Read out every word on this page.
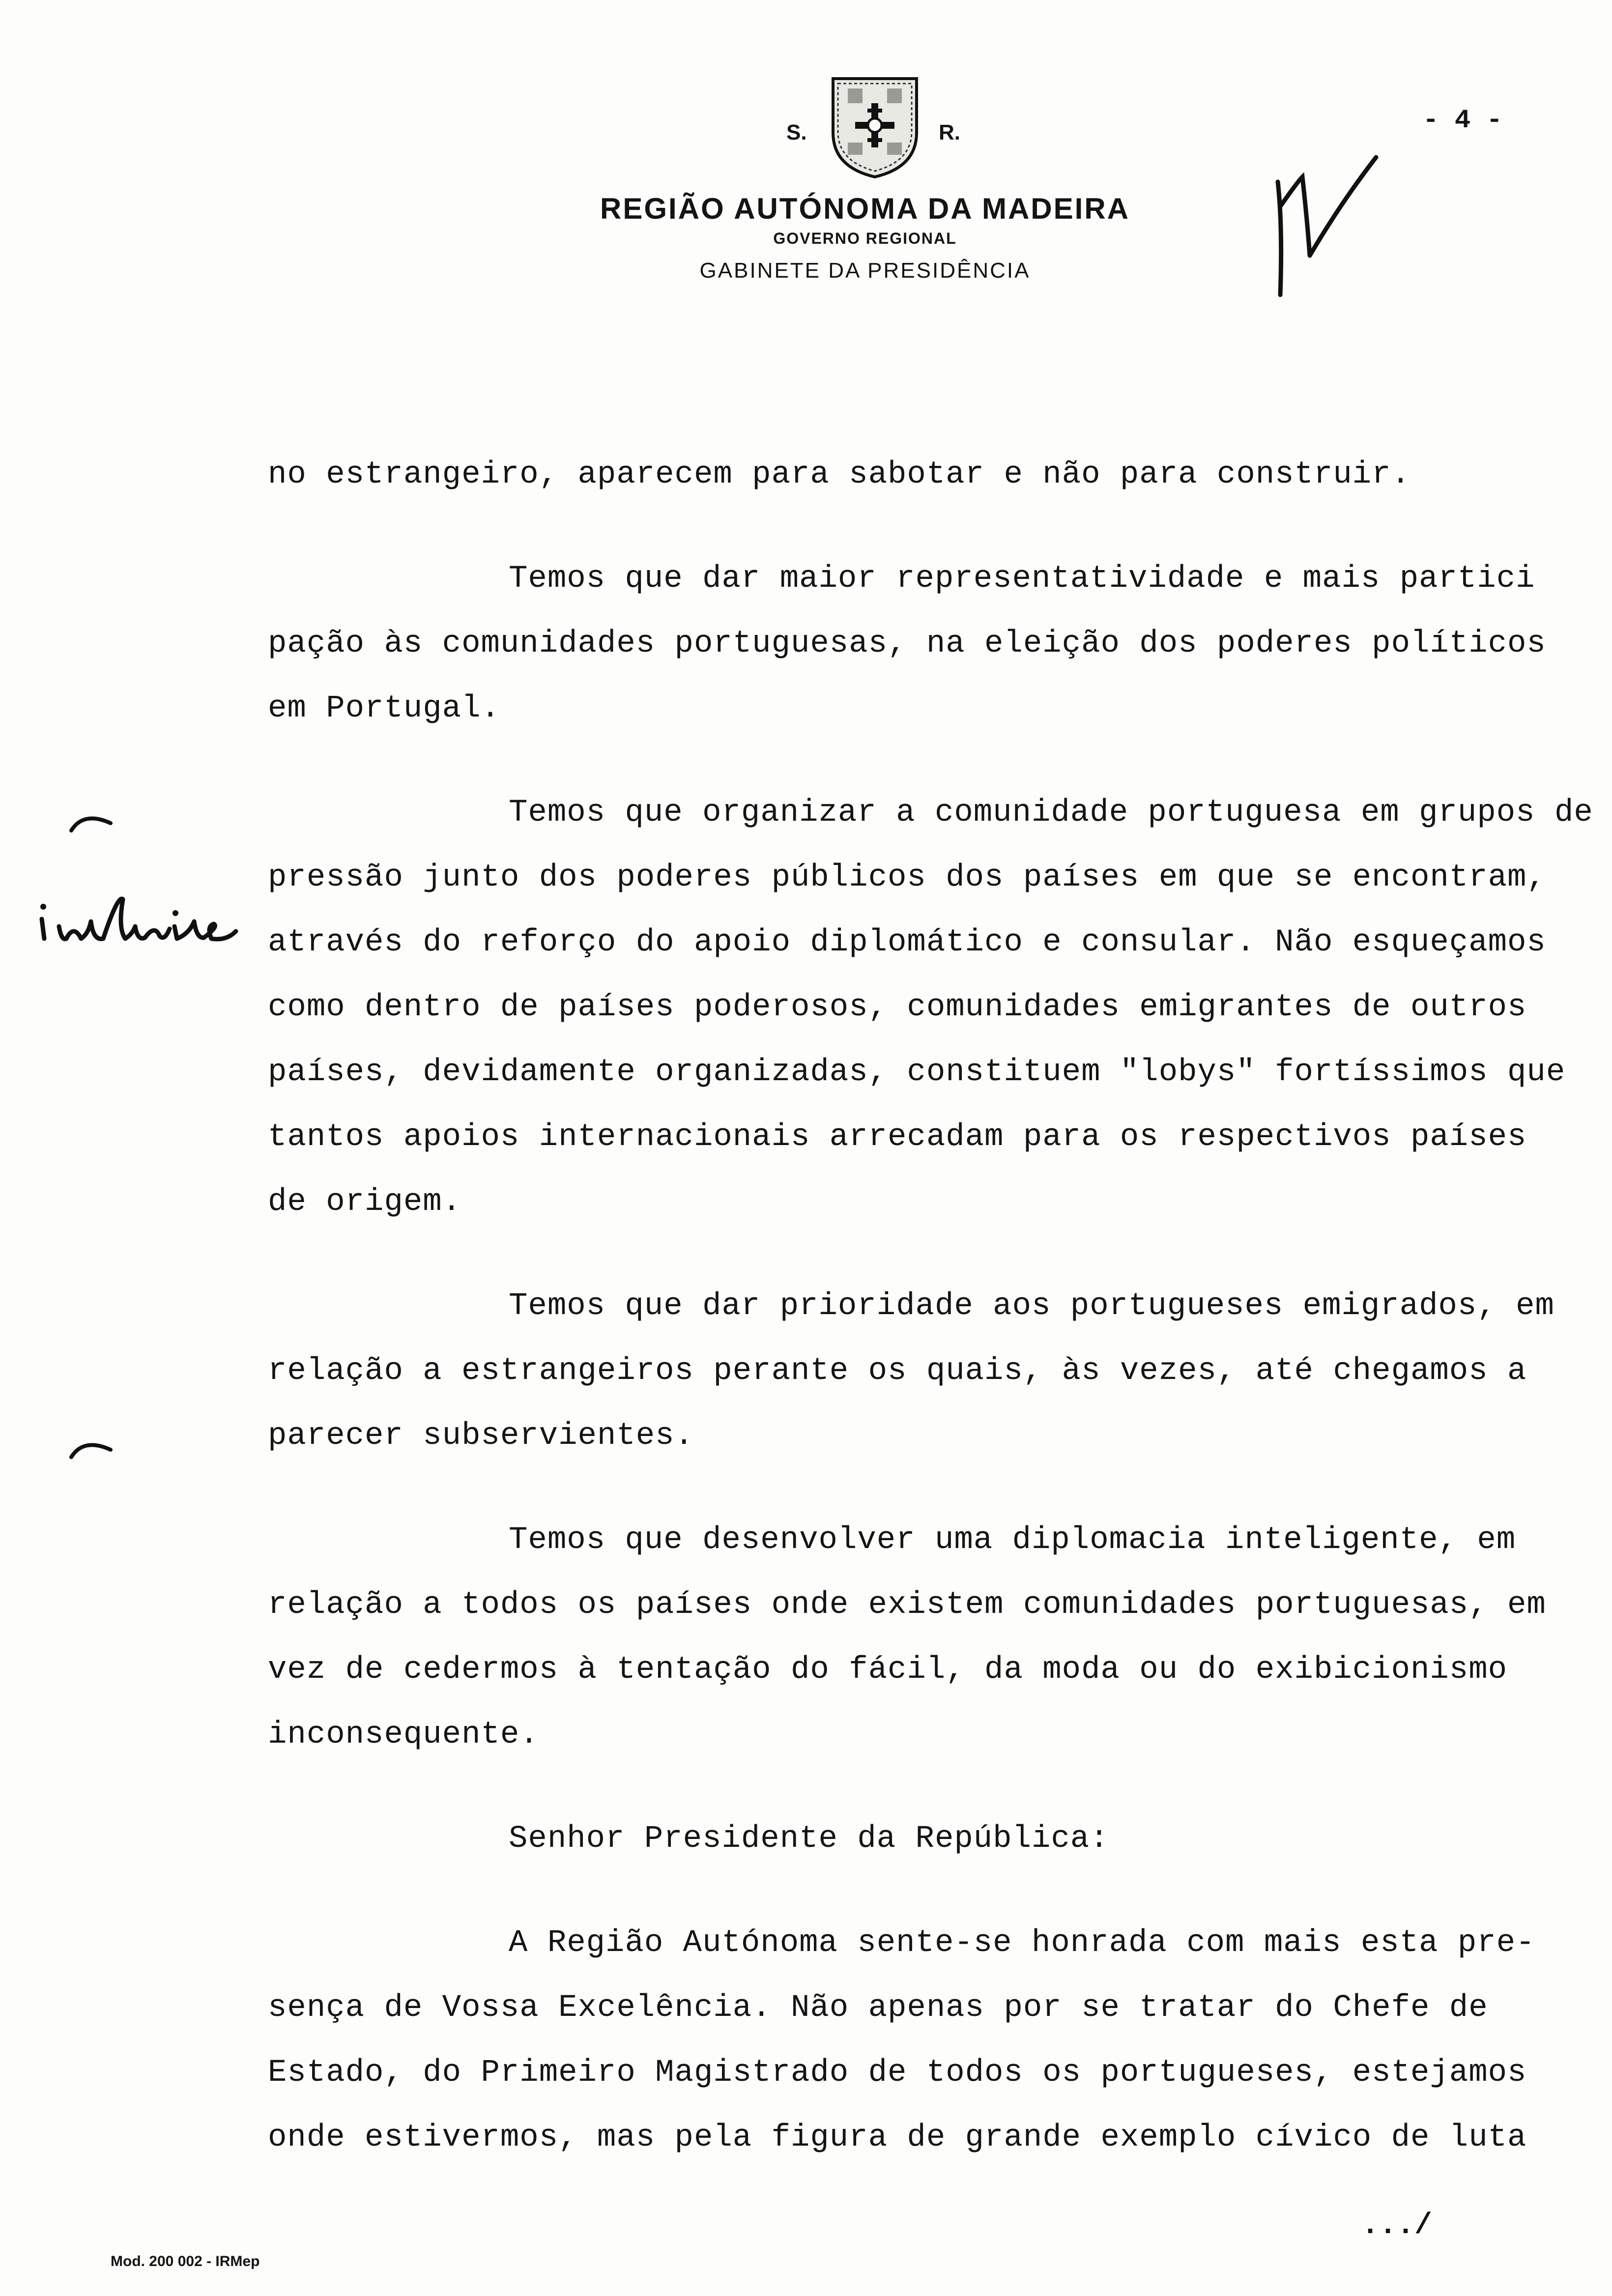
S.	R.
REGIÃO AUTÓNOMA DA MADEIRA
GOVERNO REGIONAL
GABINETE DA PRESIDÊNCIA
- 4 -
no estrangeiro, aparecem para sabotar e não para construir.
Temos que dar maior representatividade e mais partici
pação às comunidades portuguesas, na eleição dos poderes políticos
em Portugal.
Temos que organizar a comunidade portuguesa em grupos de
pressão junto dos poderes públicos dos países em que se encontram,
através do reforço do apoio diplomático e consular. Não esqueçamos
como dentro de países poderosos, comunidades emigrantes de outros
países, devidamente organizadas, constituem "lobys" fortíssimos que
tantos apoios internacionais arrecadam para os respectivos países
de origem.
Temos que dar prioridade aos portugueses emigrados, em
relação a estrangeiros perante os quais, às vezes, até chegamos a
parecer subservientes.
Temos que desenvolver uma diplomacia inteligente, em
relação a todos os países onde existem comunidades portuguesas, em
vez de cedermos à tentação do fácil, da moda ou do exibicionismo
inconsequente.
Senhor Presidente da República:
A Região Autónoma sente-se honrada com mais esta pre-
sença de Vossa Excelência. Não apenas por se tratar do Chefe de
Estado, do Primeiro Magistrado de todos os portugueses, estejamos
onde estivermos, mas pela figura de grande exemplo cívico de luta
.../
Mod. 200 002 - IRMep
